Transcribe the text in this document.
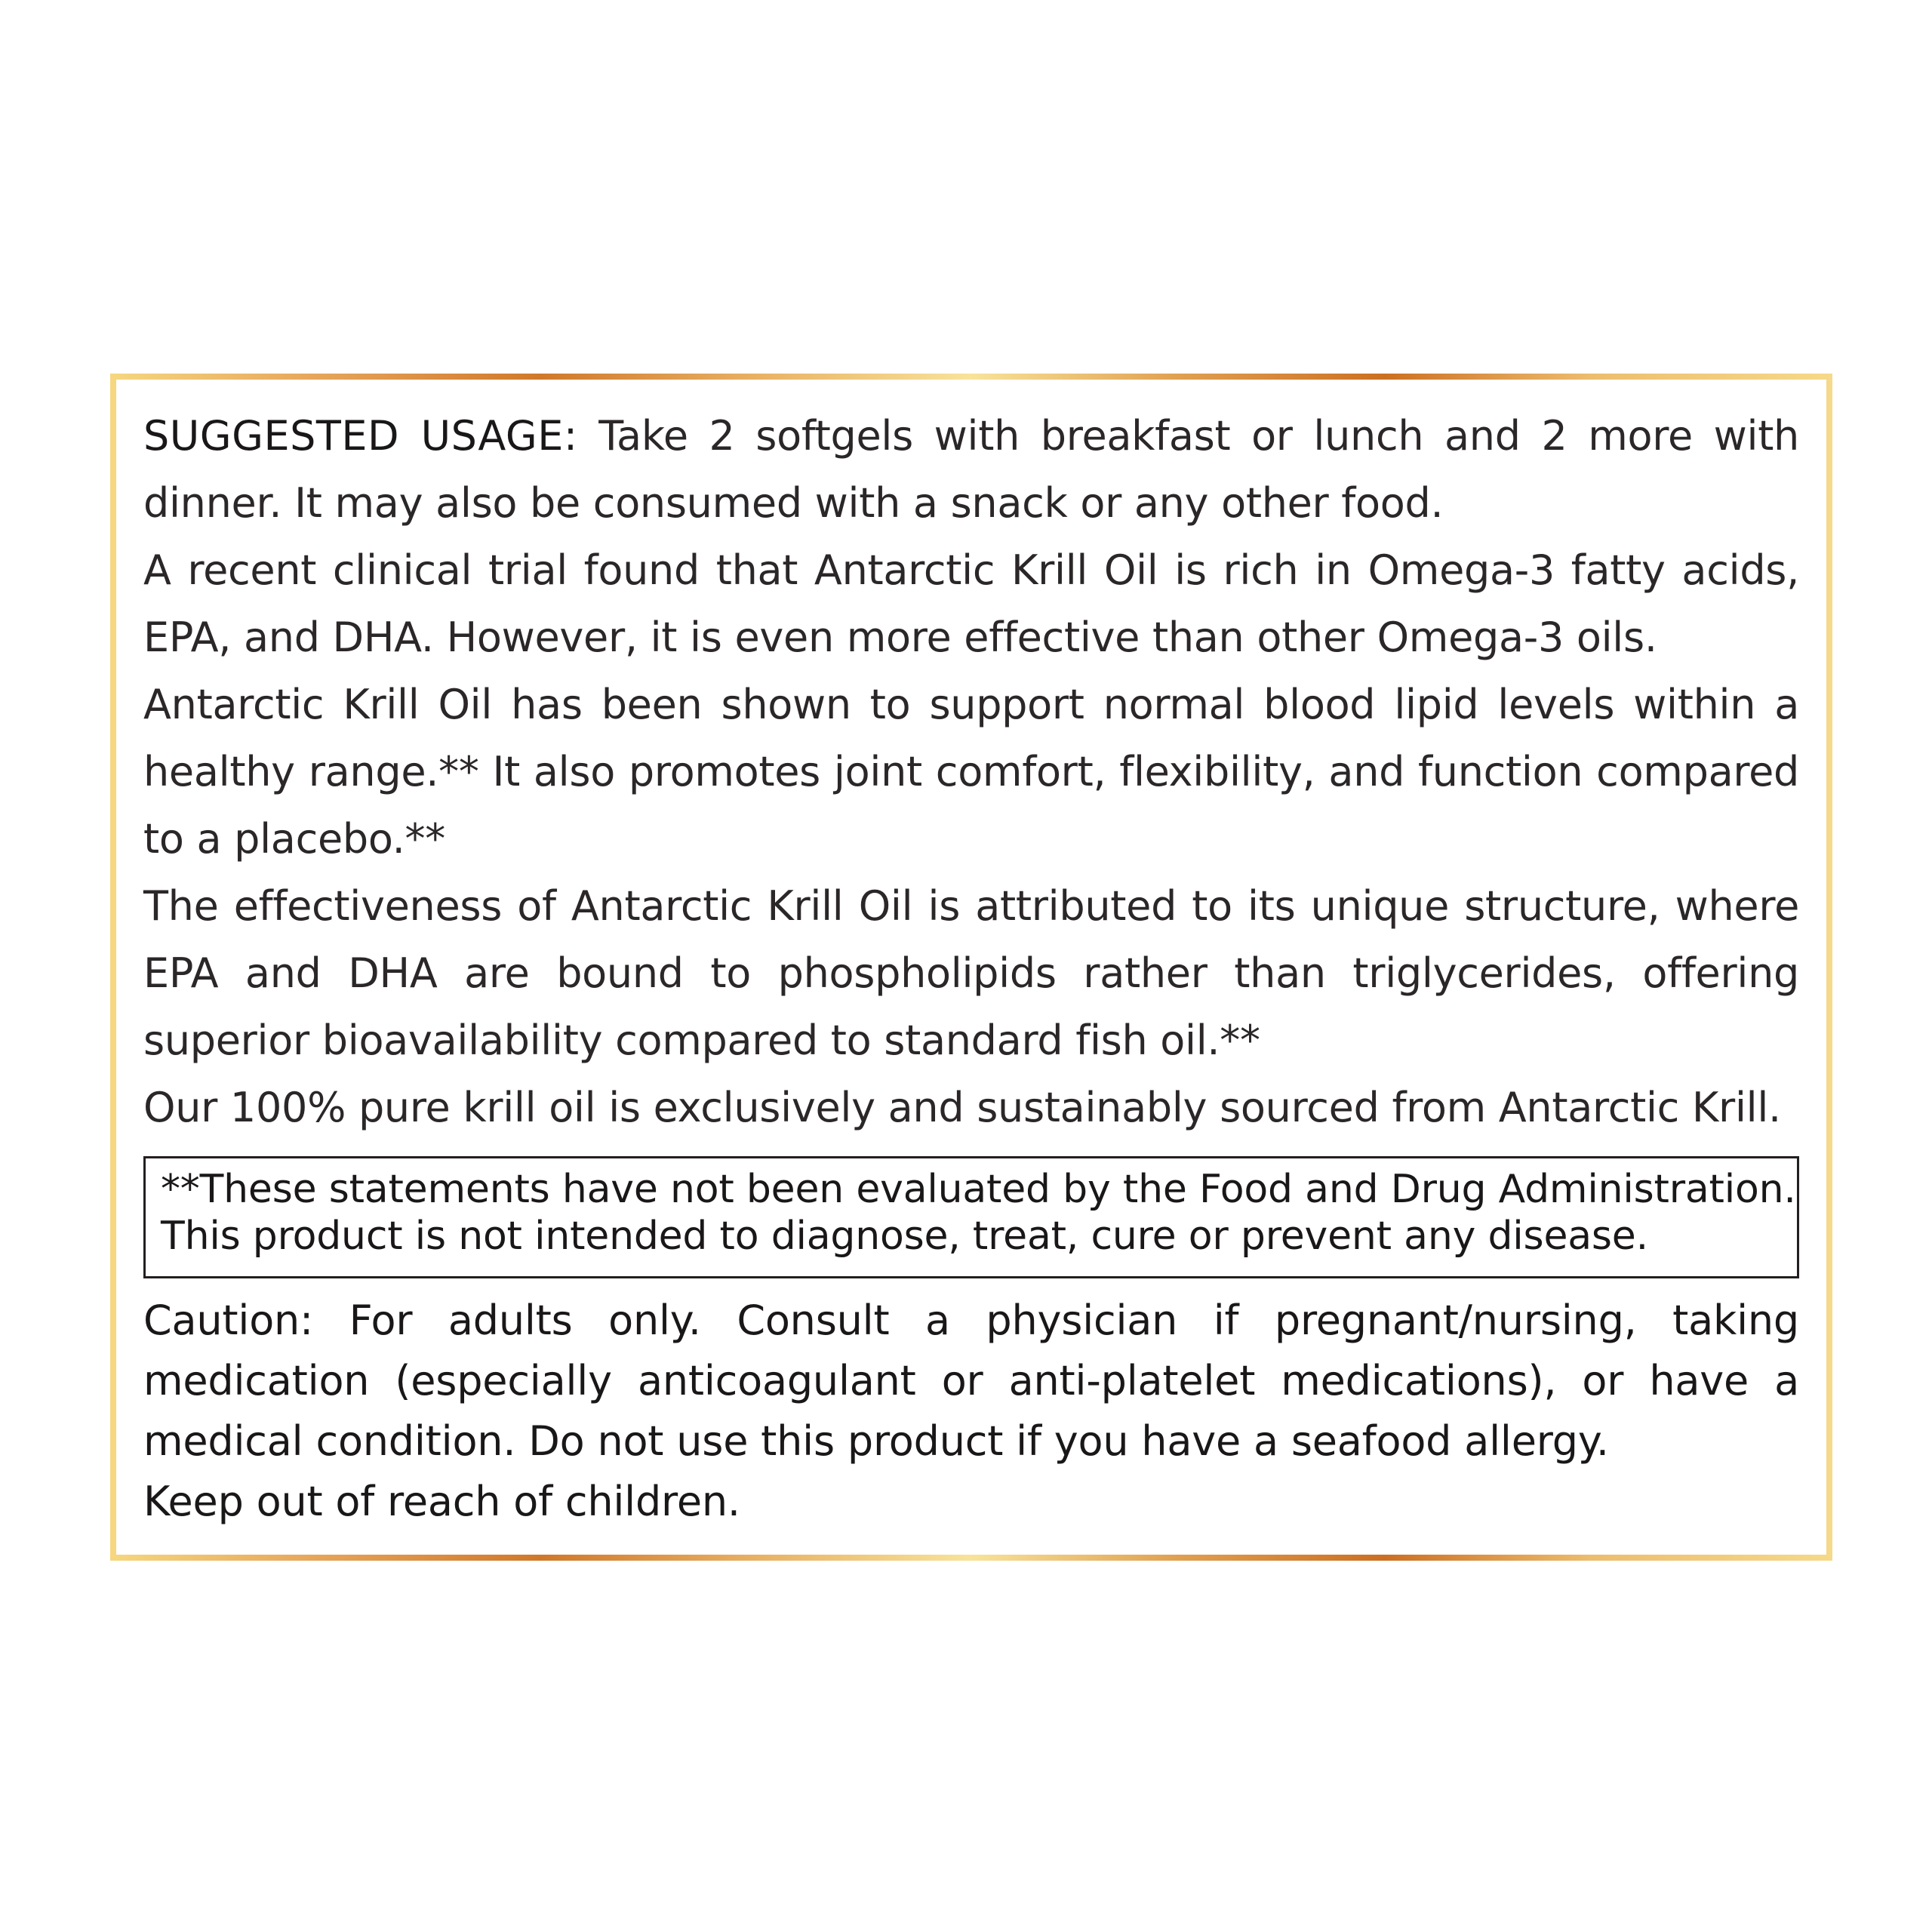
SUGGESTED USAGE: Take 2 softgels with breakfast or lunch and 2 more with dinner. It may also be consumed with a snack or any other food.

A recent clinical trial found that Antarctic Krill Oil is rich in Omega-3 fatty acids, EPA, and DHA. However, it is even more effective than other Omega-3 oils.

Antarctic Krill Oil has been shown to support normal blood lipid levels within a healthy range.** It also promotes joint comfort, flexibility, and function compared to a placebo.**

The effectiveness of Antarctic Krill Oil is attributed to its unique structure, where EPA and DHA are bound to phospholipids rather than triglycerides, offering superior bioavailability compared to standard fish oil.**

Our 100% pure krill oil is exclusively and sustainably sourced from Antarctic Krill.

**These statements have not been evaluated by the Food and Drug Administration.
This product is not intended to diagnose, treat, cure or prevent any disease.

Caution: For adults only. Consult a physician if pregnant/nursing, taking medication (especially anticoagulant or anti-platelet medications), or have a medical condition. Do not use this product if you have a seafood allergy.
Keep out of reach of children.
